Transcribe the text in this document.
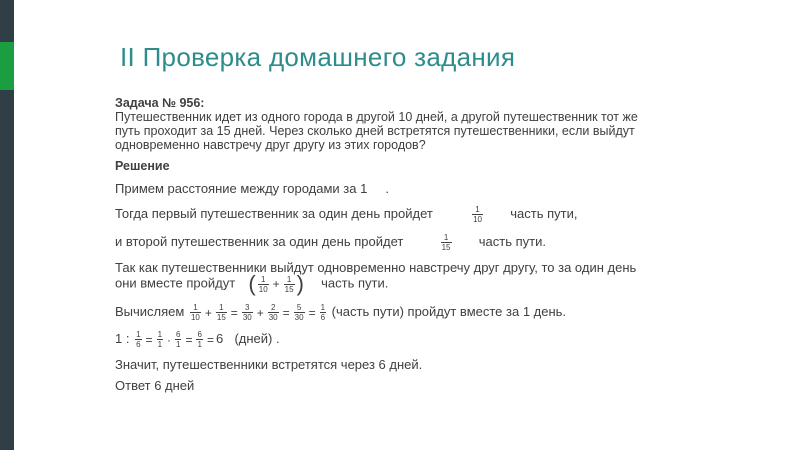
II Проверка домашнего задания
Задача № 956:
Путешественник идет из одного города в другой 10 дней, а другой путешественник тот же
путь проходит за 15 дней. Через сколько дней встретятся путешественники, если выйдут
одновременно навстречу друг другу из этих городов?
Решение
Примем расстояние между городами за 1 .
Тогда первый путешественник за один день пройдет	$\frac{1}{10}$ часть пути,
и второй путешественник за один день пройдет	$\frac{1}{15}$ часть пути.
Так как путешественники выйдут одновременно навстречу друг другу, то за один день
они вместе пройдут ( $\frac{1}{10} + \frac{1}{15}$ ) часть пути.
Вычисляем $\frac{1}{10} + \frac{1}{15} = \frac{3}{30} + \frac{2}{30} = \frac{5}{30} = \frac{1}{6}$ (часть пути) пройдут вместе за 1 день.
1 : $\frac{1}{6} = \frac{1}{1} \cdot \frac{6}{1} = \frac{6}{1} = 6$ (дней) .
Значит, путешественники встретятся через 6 дней.
Ответ 6 дней
